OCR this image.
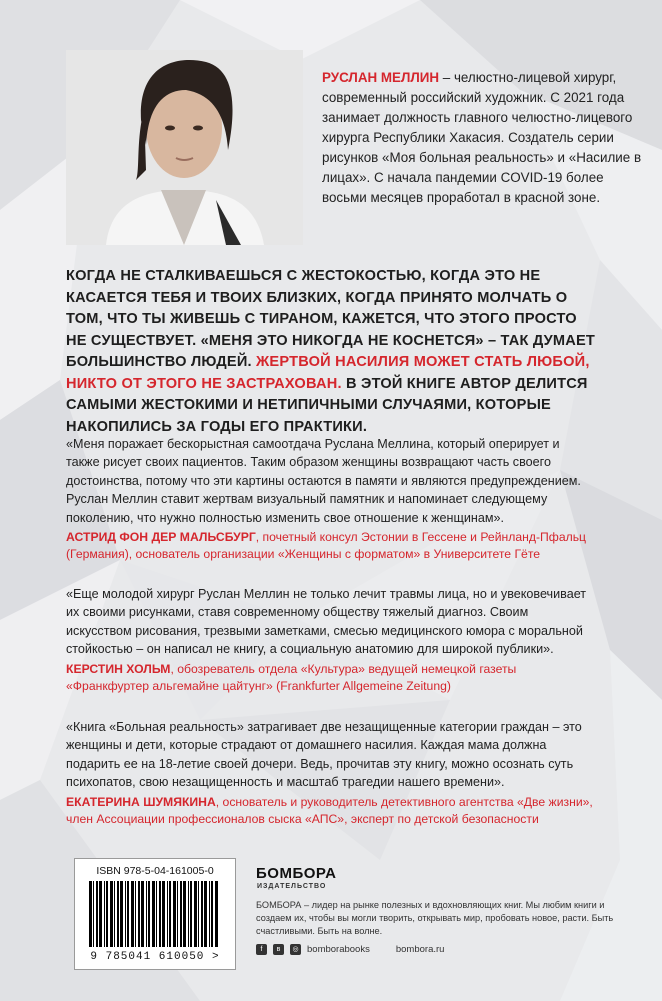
РУСЛАН МЕЛЛИН – челюстно-лицевой хирург, современный российский художник. С 2021 года занимает должность главного челюстно-лицевого хирурга Республики Хакасия. Создатель серии рисунков «Моя больная реальность» и «Насилие в лицах». С начала пандемии COVID-19 более восьми месяцев проработал в красной зоне.
КОГДА НЕ СТАЛКИВАЕШЬСЯ С ЖЕСТОКОСТЬЮ, КОГДА ЭТО НЕ КАСАЕТСЯ ТЕБЯ И ТВОИХ БЛИЗКИХ, КОГДА ПРИНЯТО МОЛЧАТЬ О ТОМ, ЧТО ТЫ ЖИВЕШЬ С ТИРАНОМ, КАЖЕТСЯ, ЧТО ЭТОГО ПРОСТО НЕ СУЩЕСТВУЕТ. «МЕНЯ ЭТО НИКОГДА НЕ КОСНЕТСЯ» – ТАК ДУМАЕТ БОЛЬШИНСТВО ЛЮДЕЙ. ЖЕРТВОЙ НАСИЛИЯ МОЖЕТ СТАТЬ ЛЮБОЙ, НИКТО ОТ ЭТОГО НЕ ЗАСТРАХОВАН. В ЭТОЙ КНИГЕ АВТОР ДЕЛИТСЯ САМЫМИ ЖЕСТОКИМИ И НЕТИПИЧНЫМИ СЛУЧАЯМИ, КОТОРЫЕ НАКОПИЛИСЬ ЗА ГОДЫ ЕГО ПРАКТИКИ.
«Меня поражает бескорыстная самоотдача Руслана Меллина, который оперирует и также рисует своих пациентов. Таким образом женщины возвращают часть своего достоинства, потому что эти картины остаются в памяти и являются предупреждением. Руслан Меллин ставит жертвам визуальный памятник и напоминает следующему поколению, что нужно полностью изменить свое отношение к женщинам».
АСТРИД ФОН ДЕР МАЛЬСБУРГ, почетный консул Эстонии в Гессене и Рейнланд-Пфальц (Германия), основатель организации «Женщины с форматом» в Университете Гёте
«Еще молодой хирург Руслан Меллин не только лечит травмы лица, но и увековечивает их своими рисунками, ставя современному обществу тяжелый диагноз. Своим искусством рисования, трезвыми заметками, смесью медицинского юмора с моральной стойкостью – он написал не книгу, а социальную анатомию для широкой публики».
КЕРСТИН ХОЛЬМ, обозреватель отдела «Культура» ведущей немецкой газеты «Франкфуртер альгемайне цайтунг» (Frankfurter Allgemeine Zeitung)
«Книга «Больная реальность» затрагивает две незащищенные категории граждан – это женщины и дети, которые страдают от домашнего насилия. Каждая мама должна подарить ее на 18-летие своей дочери. Ведь, прочитав эту книгу, можно осознать суть психопатов, свою незащищенность и масштаб трагедии нашего времени».
ЕКАТЕРИНА ШУМЯКИНА, основатель и руководитель детективного агентства «Две жизни», член Ассоциации профессионалов сыска «АПС», эксперт по детской безопасности
ISBN 978-5-04-161005-0
9 785041 610050 >
БОМБОРА
ИЗДАТЕЛЬСТВО
БОМБОРА – лидер на рынке полезных и вдохновляющих книг. Мы любим книги и создаем их, чтобы вы могли творить, открывать мир, пробовать новое, расти. Быть счастливыми. Быть на волне.
f	в	◎ bomborabooks	bombora.ru
